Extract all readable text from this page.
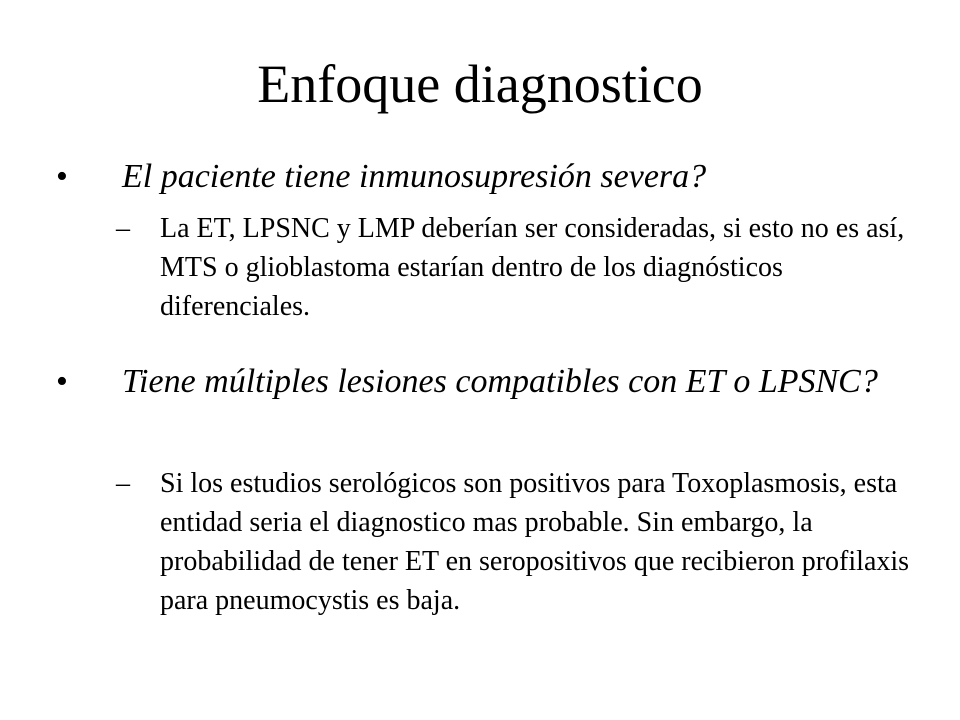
Enfoque diagnostico
• El paciente tiene inmunosupresión severa?
– La ET, LPSNC y LMP deberían ser consideradas, si esto no es así, MTS o glioblastoma estarían dentro de los diagnósticos diferenciales.
• Tiene múltiples lesiones compatibles con ET o LPSNC?
– Si los estudios serológicos son positivos para Toxoplasmosis, esta entidad seria el diagnostico mas probable. Sin embargo, la probabilidad de tener ET en seropositivos que recibieron profilaxis para pneumocystis es baja.
